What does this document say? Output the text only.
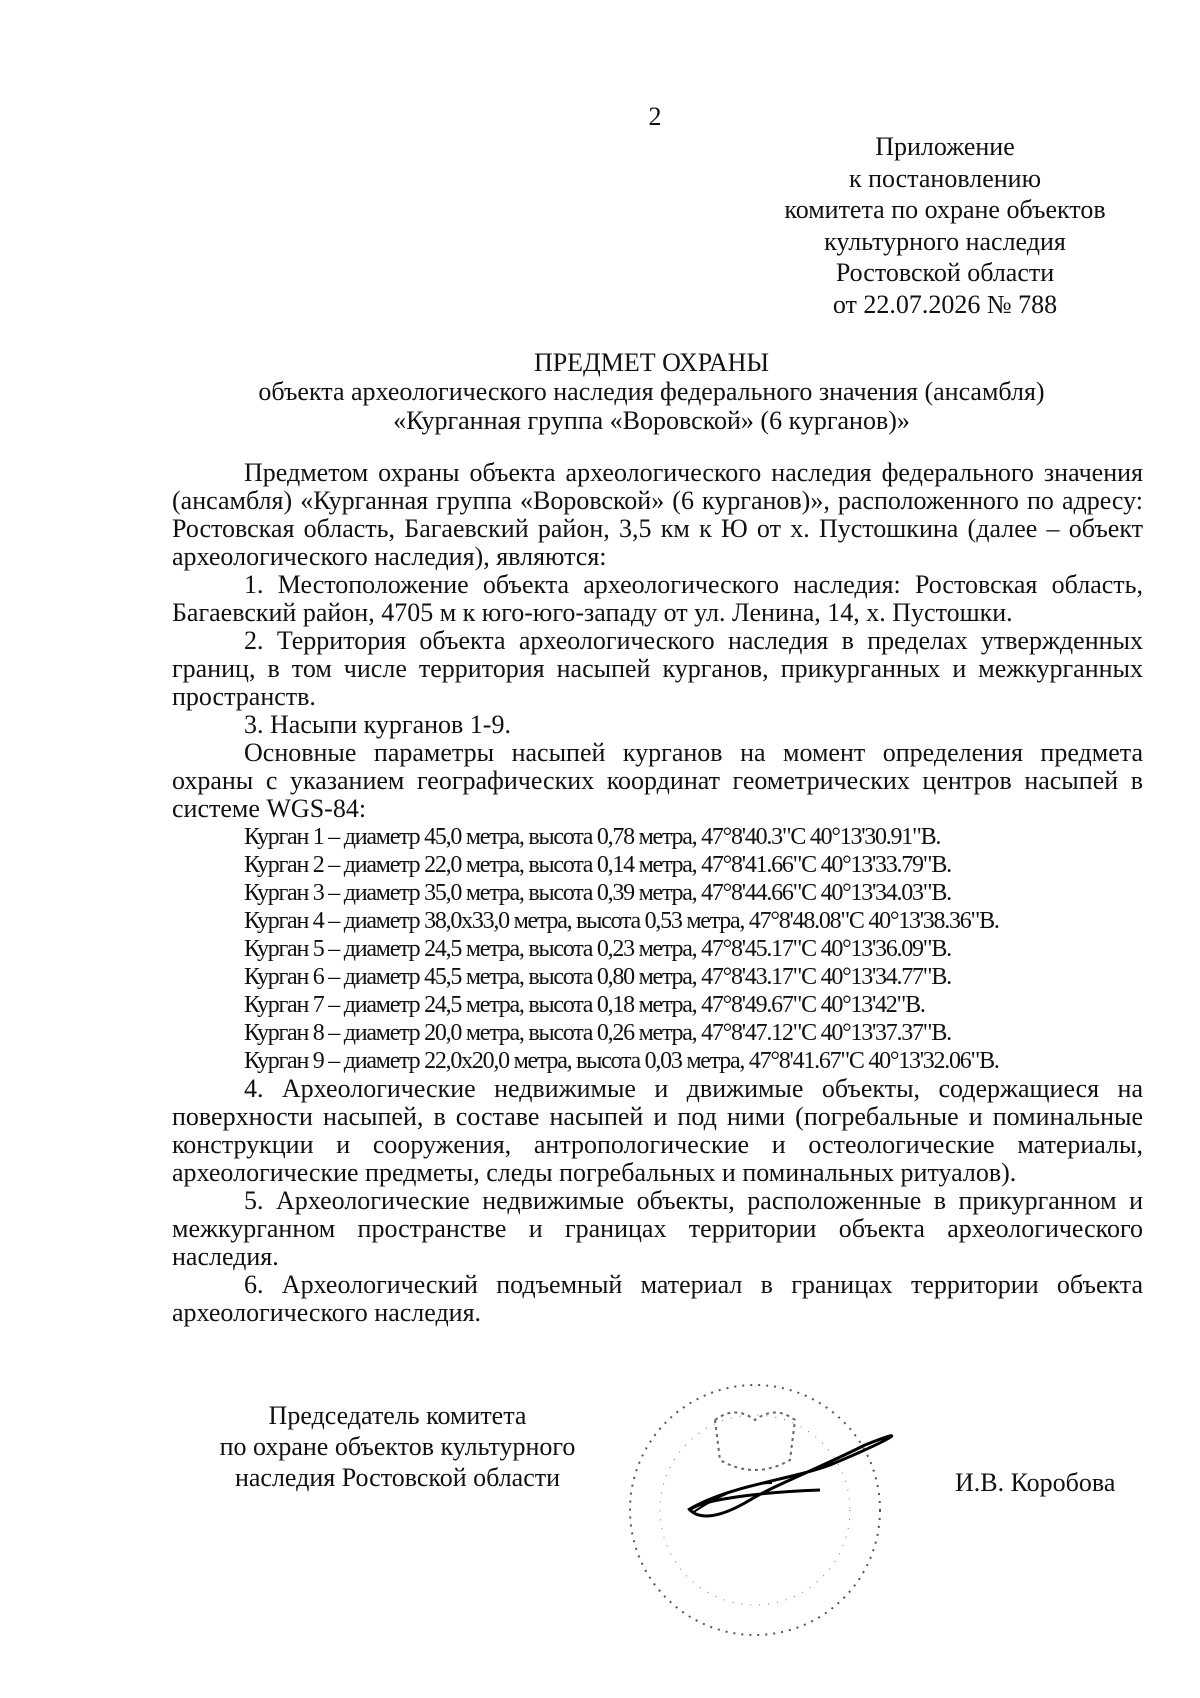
2
Приложение
к постановлению
комитета по охране объектов
культурного наследия
Ростовской области
от 22.07.2026 № 788
ПРЕДМЕТ ОХРАНЫ
объекта археологического наследия федерального значения (ансамбля)
«Курганная группа «Воровской» (6 курганов)»

Предметом охраны объекта археологического наследия федерального значения (ансамбля) «Курганная группа «Воровской» (6 курганов)», расположенного по адресу: Ростовская область, Багаевский район, 3,5 км к Ю от х. Пустошкина (далее – объект археологического наследия), являются:

1. Местоположение объекта археологического наследия: Ростовская область, Багаевский район, 4705 м к юго-юго-западу от ул. Ленина, 14, х. Пустошки.

2. Территория объекта археологического наследия в пределах утвержденных границ, в том числе территория насыпей курганов, прикурганных и межкурганных пространств.

3. Насыпи курганов 1-9.

Основные параметры насыпей курганов на момент определения предмета охраны с указанием географических координат геометрических центров насыпей в системе WGS-84:

Курган 1 – диаметр 45,0 метра, высота 0,78 метра, 47°8'40.3"С 40°13'30.91"В.
Курган 2 – диаметр 22,0 метра, высота 0,14 метра, 47°8'41.66"С 40°13'33.79"В.
Курган 3 – диаметр 35,0 метра, высота 0,39 метра, 47°8'44.66"С 40°13'34.03"В.
Курган 4 – диаметр 38,0x33,0 метра, высота 0,53 метра, 47°8'48.08"С 40°13'38.36"В.
Курган 5 – диаметр 24,5 метра, высота 0,23 метра, 47°8'45.17"С 40°13'36.09"В.
Курган 6 – диаметр 45,5 метра, высота 0,80 метра, 47°8'43.17"С 40°13'34.77"В.
Курган 7 – диаметр 24,5 метра, высота 0,18 метра, 47°8'49.67"С 40°13'42"В.
Курган 8 – диаметр 20,0 метра, высота 0,26 метра, 47°8'47.12"С 40°13'37.37"В.
Курган 9 – диаметр 22,0x20,0 метра, высота 0,03 метра, 47°8'41.67"С 40°13'32.06"В.

4. Археологические недвижимые и движимые объекты, содержащиеся на поверхности насыпей, в составе насыпей и под ними (погребальные и поминальные конструкции и сооружения, антропологические и остеологические материалы, археологические предметы, следы погребальных и поминальных ритуалов).

5. Археологические недвижимые объекты, расположенные в прикурганном и межкурганном пространстве и границах территории объекта археологического наследия.

6. Археологический подъемный материал в границах территории объекта археологического наследия.

Председатель комитета
по охране объектов культурного
наследия Ростовской области	И.В. Коробова
